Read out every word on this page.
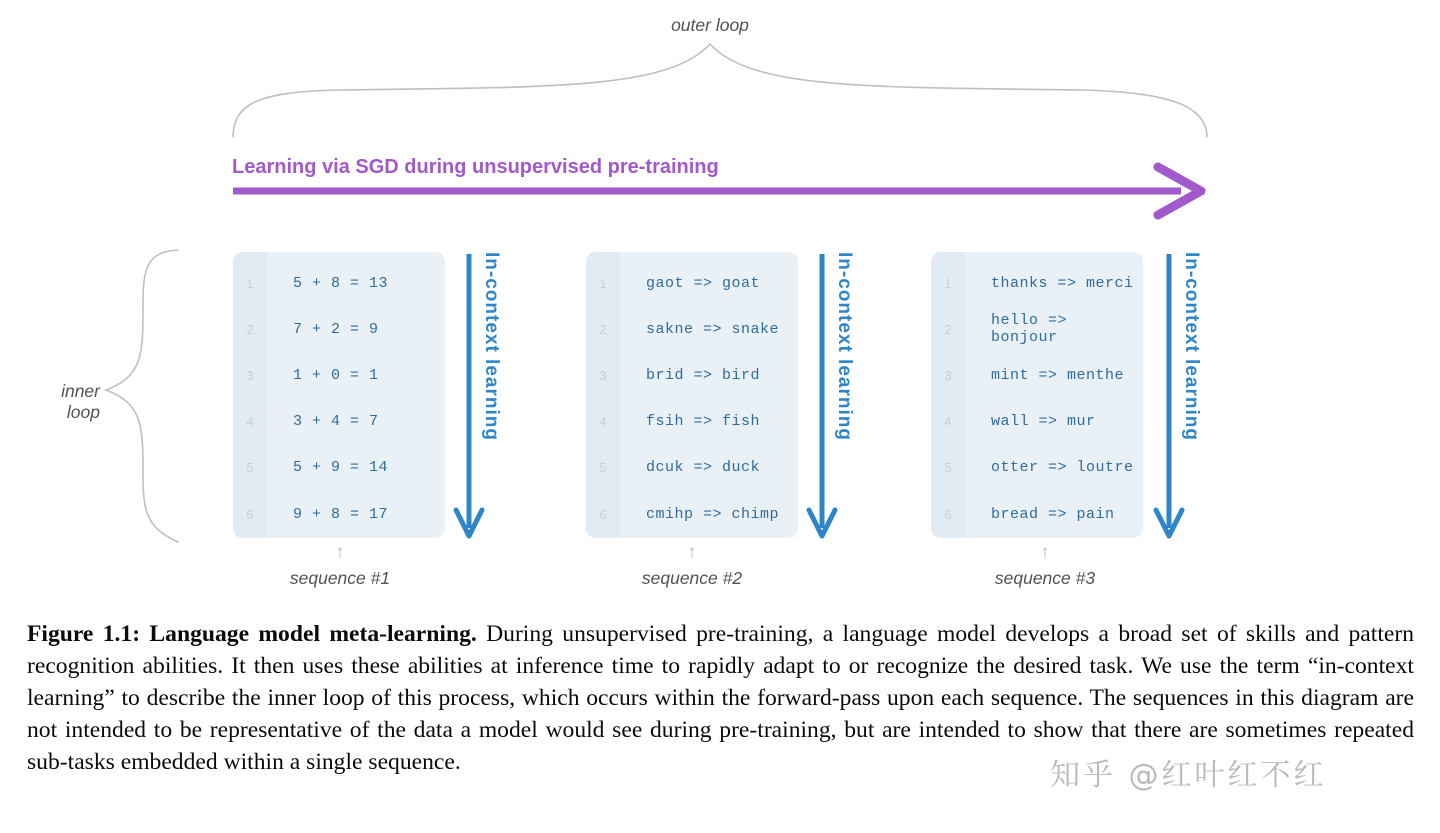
outer loop
Learning via SGD during unsupervised pre-training
inner loop
1
2
3
4
5
6
5 + 8 = 13
7 + 2 = 9
1 + 0 = 1
3 + 4 = 7
5 + 9 = 14
9 + 8 = 17
In-context learning
↑
sequence #1
1
2
3
4
5
6
gaot => goat
sakne => snake
brid => bird
fsih => fish
dcuk => duck
cmihp => chimp
In-context learning
↑
sequence #2
1
2
3
4
5
6
thanks => merci
hello => bonjour
mint => menthe
wall => mur
otter => loutre
bread => pain
In-context learning
↑
sequence #3

Figure 1.1: Language model meta-learning. During unsupervised pre-training, a language model develops a broad set of skills and pattern recognition abilities. It then uses these abilities at inference time to rapidly adapt to or recognize the desired task. We use the term “in-context learning” to describe the inner loop of this process, which occurs within the forward-pass upon each sequence. The sequences in this diagram are not intended to be representative of the data a model would see during pre-training, but are intended to show that there are sometimes repeated sub-tasks embedded within a single sequence.	知乎 @红叶红不红
